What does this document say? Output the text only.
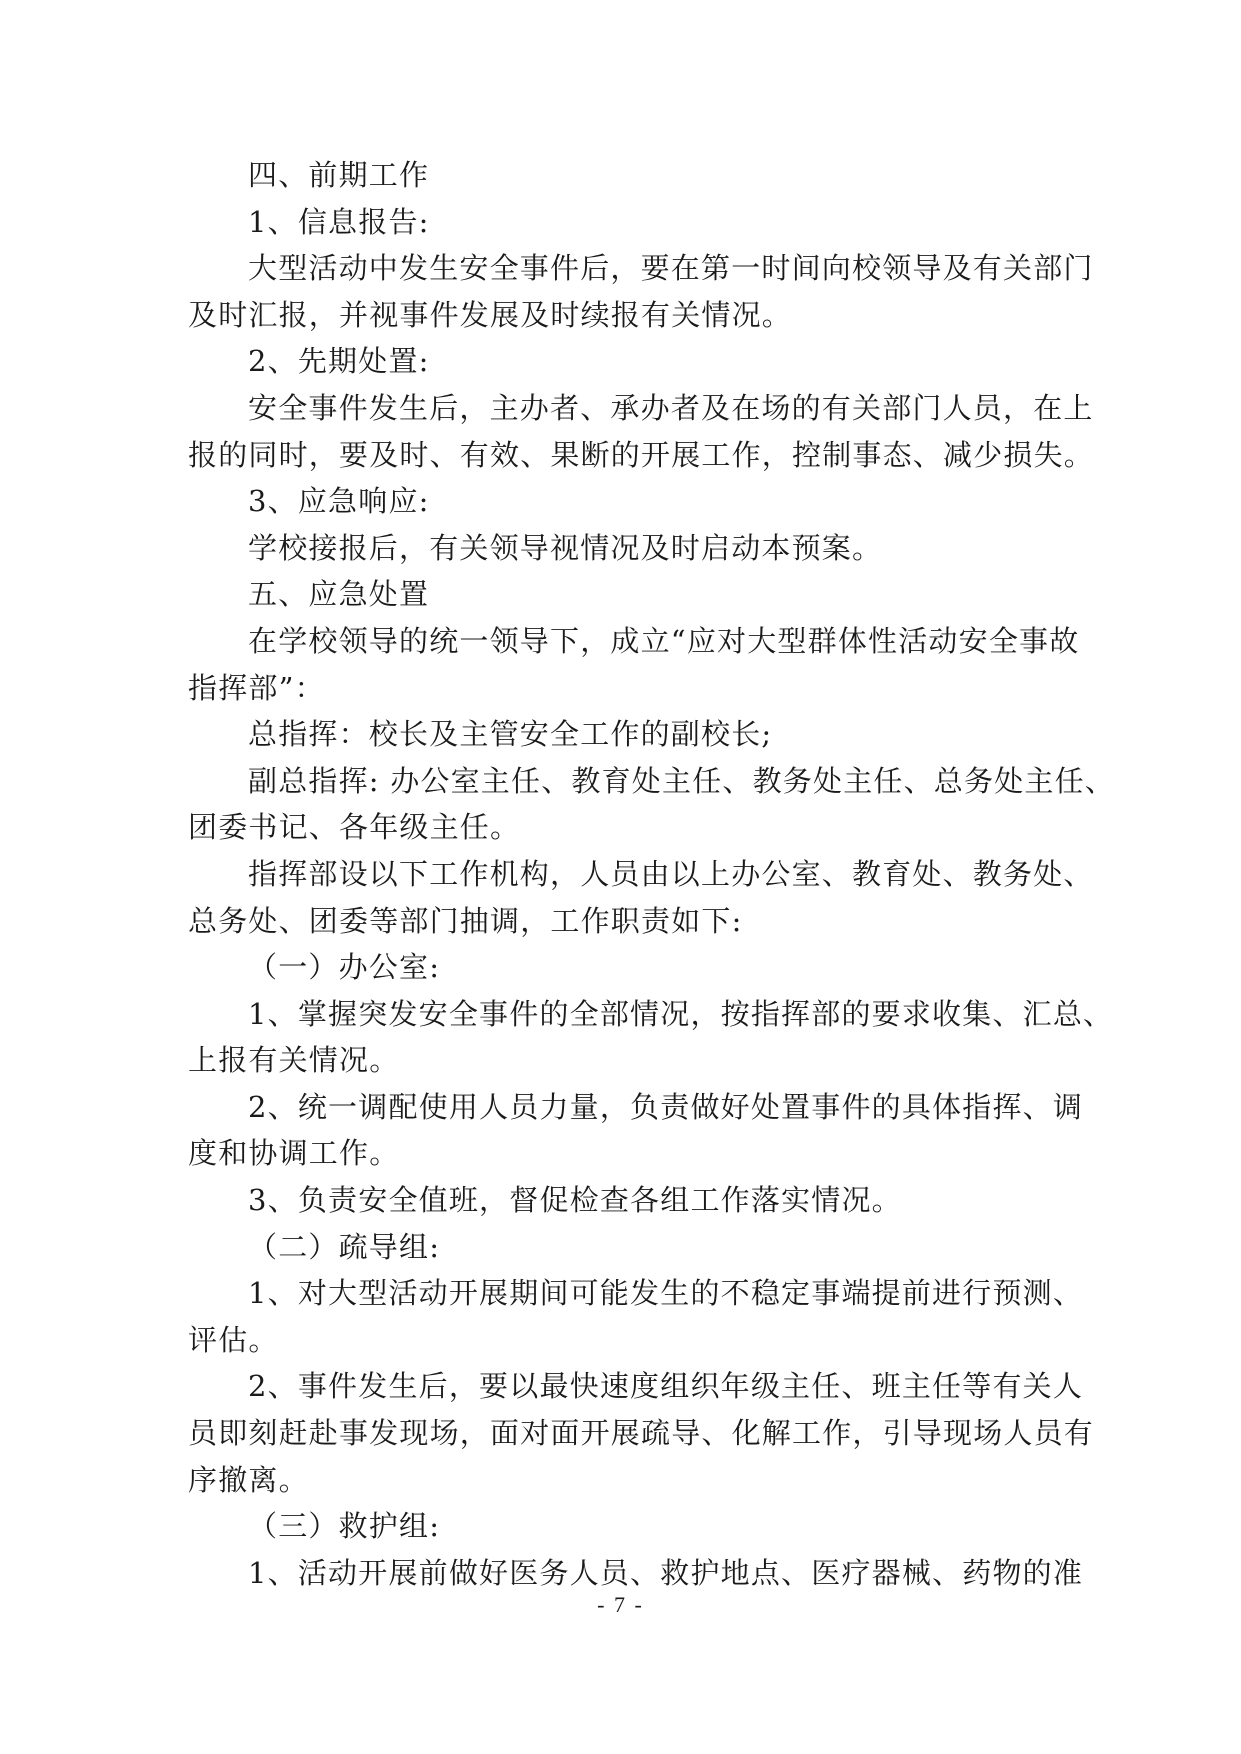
四、前期工作
1、信息报告:
大型活动中发生安全事件后，要在第一时间向校领导及有关部门
及时汇报，并视事件发展及时续报有关情况。
2、先期处置:
安全事件发生后，主办者、承办者及在场的有关部门人员，在上
报的同时，要及时、有效、果断的开展工作，控制事态、减少损失。
3、应急响应:
学校接报后，有关领导视情况及时启动本预案。
五、应急处置
在学校领导的统一领导下，成立“应对大型群体性活动安全事故
指挥部”：
总指挥：校长及主管安全工作的副校长;
副总指挥: 办公室主任、教育处主任、教务处主任、总务处主任、
团委书记、各年级主任。
指挥部设以下工作机构，人员由以上办公室、教育处、教务处、
总务处、团委等部门抽调，工作职责如下:
（一）办公室:
1、掌握突发安全事件的全部情况，按指挥部的要求收集、汇总、
上报有关情况。
2、统一调配使用人员力量，负责做好处置事件的具体指挥、调
度和协调工作。
3、负责安全值班，督促检查各组工作落实情况。
（二）疏导组:
1、对大型活动开展期间可能发生的不稳定事端提前进行预测、
评估。
2、事件发生后，要以最快速度组织年级主任、班主任等有关人
员即刻赶赴事发现场，面对面开展疏导、化解工作，引导现场人员有
序撤离。
（三）救护组:
1、活动开展前做好医务人员、救护地点、医疗器械、药物的准
- 7 -
